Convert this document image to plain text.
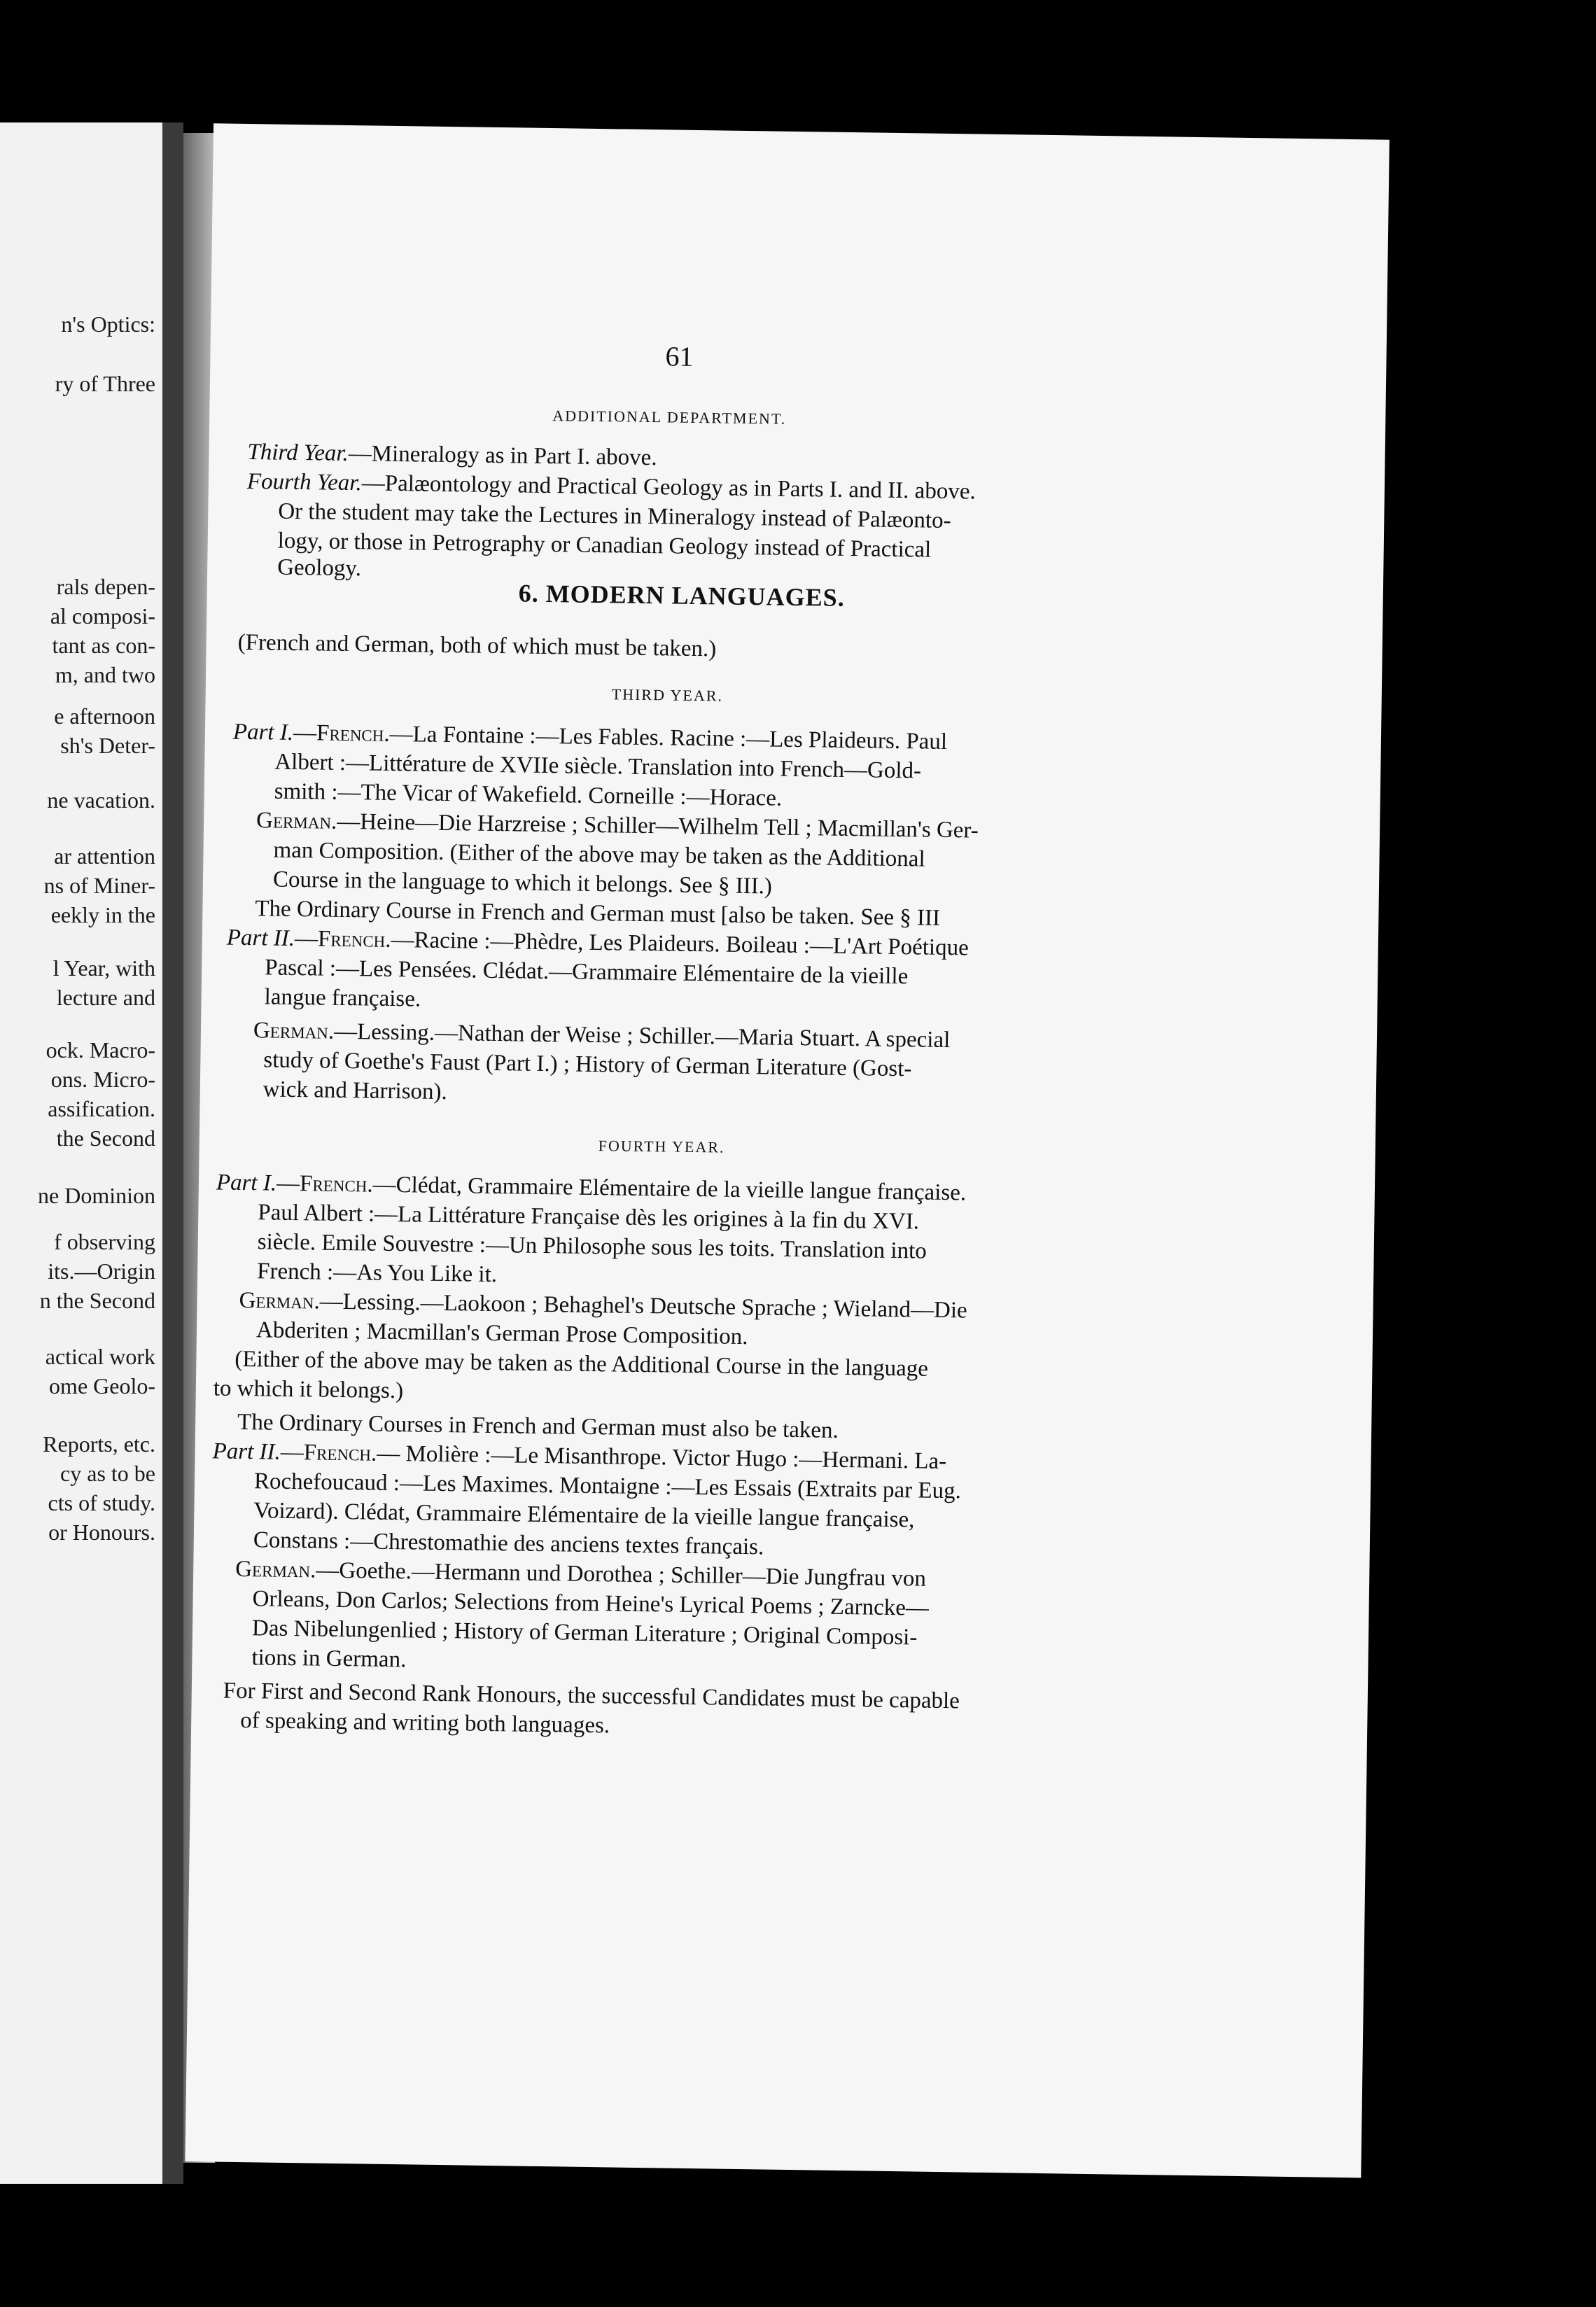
n's Optics:
ry of Three
rals depen-
al composi-
tant as con-
m, and two
e afternoon
sh's Deter-
ne vacation.
ar attention
ns of Miner-
eekly in the
l Year, with
lecture and
ock. Macro-
ons. Micro-
assification.
the Second
ne Dominion
f observing
its.—Origin
n the Second
actical work
ome Geolo-
Reports, etc.
cy as to be
cts of study.
or Honours.
61
ADDITIONAL DEPARTMENT.
Third Year.—Mineralogy as in Part I. above.
Fourth Year.—Palæontology and Practical Geology as in Parts I. and II. above.
Or the student may take the Lectures in Mineralogy instead of Palæonto-
logy, or those in Petrography or Canadian Geology instead of Practical
Geology.
6. MODERN LANGUAGES.
(French and German, both of which must be taken.)
THIRD YEAR.
Part I.—French.—La Fontaine :—Les Fables. Racine :—Les Plaideurs. Paul
Albert :—Littérature de XVIIe siècle. Translation into French—Gold-
smith :—The Vicar of Wakefield. Corneille :—Horace.
German.—Heine—Die Harzreise ; Schiller—Wilhelm Tell ; Macmillan's Ger-
man Composition. (Either of the above may be taken as the Additional
Course in the language to which it belongs. See § III.)
The Ordinary Course in French and German must [also be taken. See § III
Part II.—French.—Racine :—Phèdre, Les Plaideurs. Boileau :—L'Art Poétique
Pascal :—Les Pensées. Clédat.—Grammaire Elémentaire de la vieille
langue française.
German.—Lessing.—Nathan der Weise ; Schiller.—Maria Stuart. A special
study of Goethe's Faust (Part I.) ; History of German Literature (Gost-
wick and Harrison).
FOURTH YEAR.
Part I.—French.—Clédat, Grammaire Elémentaire de la vieille langue française.
Paul Albert :—La Littérature Française dès les origines à la fin du XVI.
siècle. Emile Souvestre :—Un Philosophe sous les toits. Translation into
French :—As You Like it.
German.—Lessing.—Laokoon ; Behaghel's Deutsche Sprache ; Wieland—Die
Abderiten ; Macmillan's German Prose Composition.
(Either of the above may be taken as the Additional Course in the language
to which it belongs.)
The Ordinary Courses in French and German must also be taken.
Part II.—French.— Molière :—Le Misanthrope. Victor Hugo :—Hermani. La-
Rochefoucaud :—Les Maximes. Montaigne :—Les Essais (Extraits par Eug.
Voizard). Clédat, Grammaire Elémentaire de la vieille langue française,
Constans :—Chrestomathie des anciens textes français.
German.—Goethe.—Hermann und Dorothea ; Schiller—Die Jungfrau von
Orleans, Don Carlos; Selections from Heine's Lyrical Poems ; Zarncke—
Das Nibelungenlied ; History of German Literature ; Original Composi-
tions in German.
For First and Second Rank Honours, the successful Candidates must be capable
of speaking and writing both languages.
